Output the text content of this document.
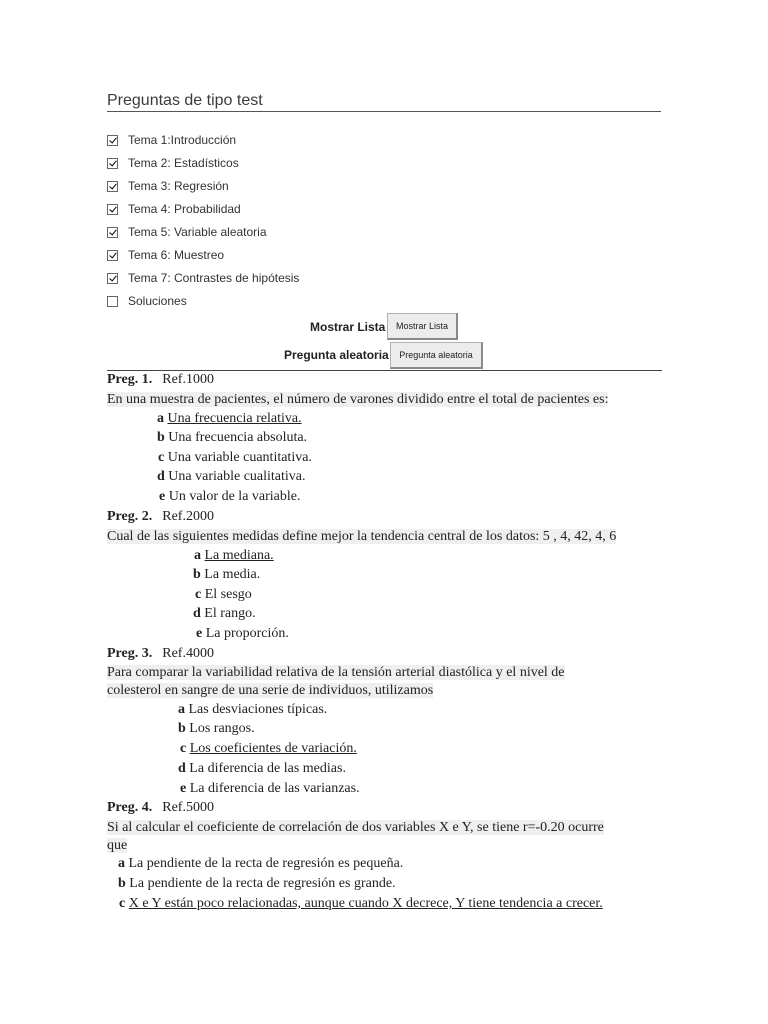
Preguntas de tipo test
Tema 1:Introducción
Tema 2: Estadísticos
Tema 3: Regresión
Tema 4: Probabilidad
Tema 5: Variable aleatoria
Tema 6: Muestreo
Tema 7: Contrastes de hipótesis
Soluciones
Mostrar Lista	Mostrar Lista
Pregunta aleatoria	Pregunta aleatoria
Preg. 1. Ref.1000
En una muestra de pacientes, el número de varones dividido entre el total de pacientes es:
a Una frecuencia relativa.
b Una frecuencia absoluta.
c Una variable cuantitativa.
d Una variable cualitativa.
e Un valor de la variable.
Preg. 2. Ref.2000
Cual de las siguientes medidas define mejor la tendencia central de los datos: 5 , 4, 42, 4, 6
a La mediana.
b La media.
c El sesgo
d El rango.
e La proporción.
Preg. 3. Ref.4000
Para comparar la variabilidad relativa de la tensión arterial diastólica y el nivel de
colesterol en sangre de una serie de individuos, utilizamos
a Las desviaciones típicas.
b Los rangos.
c Los coeficientes de variación.
d La diferencia de las medias.
e La diferencia de las varianzas.
Preg. 4. Ref.5000
Si al calcular el coeficiente de correlación de dos variables X e Y, se tiene r=-0.20 ocurre
que
a La pendiente de la recta de regresión es pequeña.
b La pendiente de la recta de regresión es grande.
c X e Y están poco relacionadas, aunque cuando X decrece, Y tiene tendencia a crecer.
